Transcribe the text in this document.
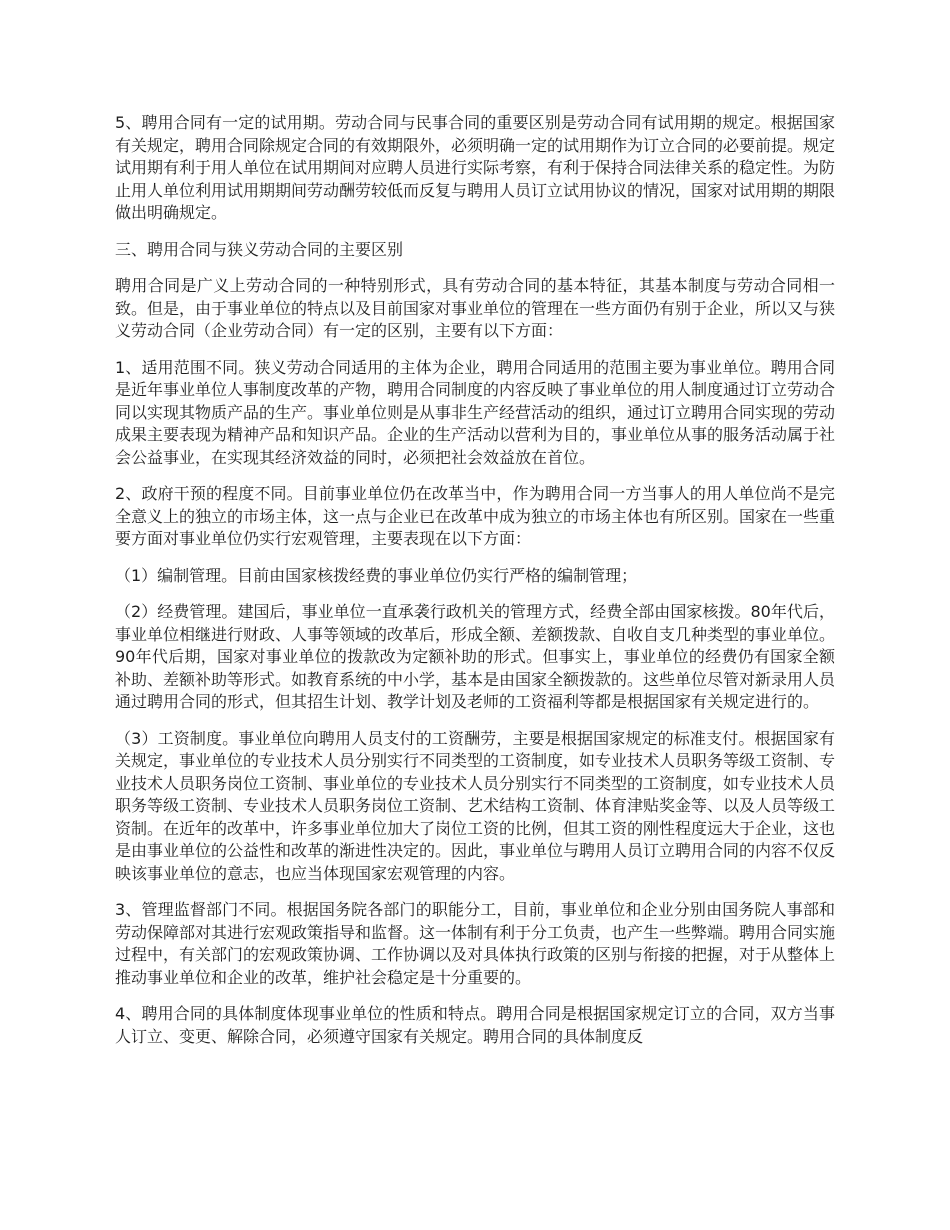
5、聘用合同有一定的试用期。劳动合同与民事合同的重要区别是劳动合同有试用期的规定。根据国家有关规定，聘用合同除规定合同的有效期限外，必须明确一定的试用期作为订立合同的必要前提。规定试用期有利于用人单位在试用期间对应聘人员进行实际考察，有利于保持合同法律关系的稳定性。为防止用人单位利用试用期期间劳动酬劳较低而反复与聘用人员订立试用协议的情况，国家对试用期的期限做出明确规定。

三、聘用合同与狭义劳动合同的主要区别

聘用合同是广义上劳动合同的一种特别形式，具有劳动合同的基本特征，其基本制度与劳动合同相一致。但是，由于事业单位的特点以及目前国家对事业单位的管理在一些方面仍有别于企业，所以又与狭义劳动合同（企业劳动合同）有一定的区别，主要有以下方面：

1、适用范围不同。狭义劳动合同适用的主体为企业，聘用合同适用的范围主要为事业单位。聘用合同是近年事业单位人事制度改革的产物，聘用合同制度的内容反映了事业单位的用人制度通过订立劳动合同以实现其物质产品的生产。事业单位则是从事非生产经营活动的组织，通过订立聘用合同实现的劳动成果主要表现为精神产品和知识产品。企业的生产活动以营利为目的，事业单位从事的服务活动属于社会公益事业，在实现其经济效益的同时，必须把社会效益放在首位。

2、政府干预的程度不同。目前事业单位仍在改革当中，作为聘用合同一方当事人的用人单位尚不是完全意义上的独立的市场主体，这一点与企业已在改革中成为独立的市场主体也有所区别。国家在一些重要方面对事业单位仍实行宏观管理，主要表现在以下方面：

（1）编制管理。目前由国家核拨经费的事业单位仍实行严格的编制管理；

（2）经费管理。建国后，事业单位一直承袭行政机关的管理方式，经费全部由国家核拨。80年代后，事业单位相继进行财政、人事等领域的改革后，形成全额、差额拨款、自收自支几种类型的事业单位。90年代后期，国家对事业单位的拨款改为定额补助的形式。但事实上，事业单位的经费仍有国家全额补助、差额补助等形式。如教育系统的中小学，基本是由国家全额拨款的。这些单位尽管对新录用人员通过聘用合同的形式，但其招生计划、教学计划及老师的工资福利等都是根据国家有关规定进行的。

（3）工资制度。事业单位向聘用人员支付的工资酬劳，主要是根据国家规定的标准支付。根据国家有关规定，事业单位的专业技术人员分别实行不同类型的工资制度，如专业技术人员职务等级工资制、专业技术人员职务岗位工资制、事业单位的专业技术人员分别实行不同类型的工资制度，如专业技术人员职务等级工资制、专业技术人员职务岗位工资制、艺术结构工资制、体育津贴奖金等、以及人员等级工资制。在近年的改革中，许多事业单位加大了岗位工资的比例，但其工资的刚性程度远大于企业，这也是由事业单位的公益性和改革的渐进性决定的。因此，事业单位与聘用人员订立聘用合同的内容不仅反映该事业单位的意志，也应当体现国家宏观管理的内容。

3、管理监督部门不同。根据国务院各部门的职能分工，目前，事业单位和企业分别由国务院人事部和劳动保障部对其进行宏观政策指导和监督。这一体制有利于分工负责，也产生一些弊端。聘用合同实施过程中，有关部门的宏观政策协调、工作协调以及对具体执行政策的区别与衔接的把握，对于从整体上推动事业单位和企业的改革，维护社会稳定是十分重要的。

4、聘用合同的具体制度体现事业单位的性质和特点。聘用合同是根据国家规定订立的合同，双方当事人订立、变更、解除合同，必须遵守国家有关规定。聘用合同的具体制度反
